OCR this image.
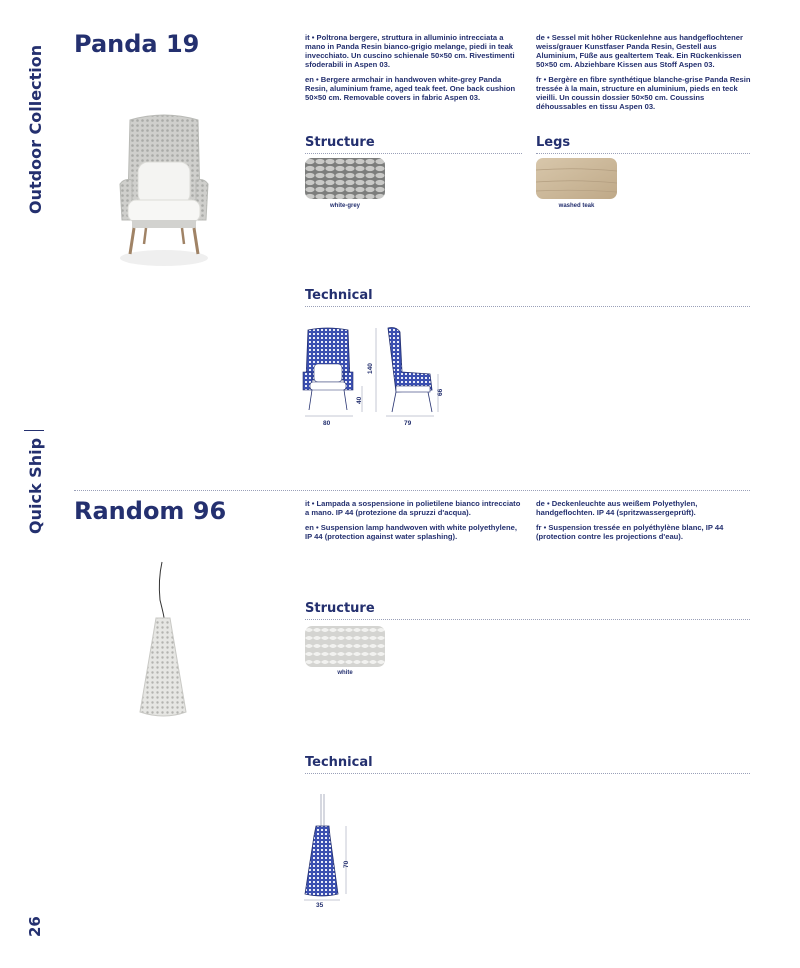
Outdoor Collection
Quick Ship
26
Panda 19	it • Poltrona bergere, struttura in alluminio intrecciata a mano in Panda Resin bianco-grigio melange, piedi in teak invecchiato. Un cuscino schienale 50×50 cm. Rivestimenti sfoderabili in Aspen 03.

en • Bergere armchair in handwoven white-grey Panda Resin, aluminium frame, aged teak feet. One back cushion 50×50 cm. Removable covers in fabric Aspen 03.

de • Sessel mit höher Rückenlehne aus handgeflochtener weiss/grauer Kunstfaser Panda Resin, Gestell aus Aluminium, Füße aus gealtertem Teak. Ein Rückenkissen 50×50 cm. Abziehbare Kissen aus Stoff Aspen 03.

fr • Bergère en fibre synthétique blanche-grise Panda Resin tressée à la main, structure en aluminium, pieds en teck vieilli. Un coussin dossier 50×50 cm. Coussins déhoussables en tissu Aspen 03.

Structure	Legs
white-grey	washed teak
Technical
80	79
140
40
66
Random 96	it • Lampada a sospensione in polietilene bianco intrecciato a mano. IP 44 (protezione da spruzzi d'acqua).

en • Suspension lamp handwoven with white polyethylene, IP 44 (protection against water splashing).

de • Deckenleuchte aus weißem Polyethylen, handgeflochten. IP 44 (spritzwassergeprüft).

fr • Suspension tressée en polyéthylène blanc, IP 44 (protection contre les projections d'eau).

Structure
white
Technical
35
70
